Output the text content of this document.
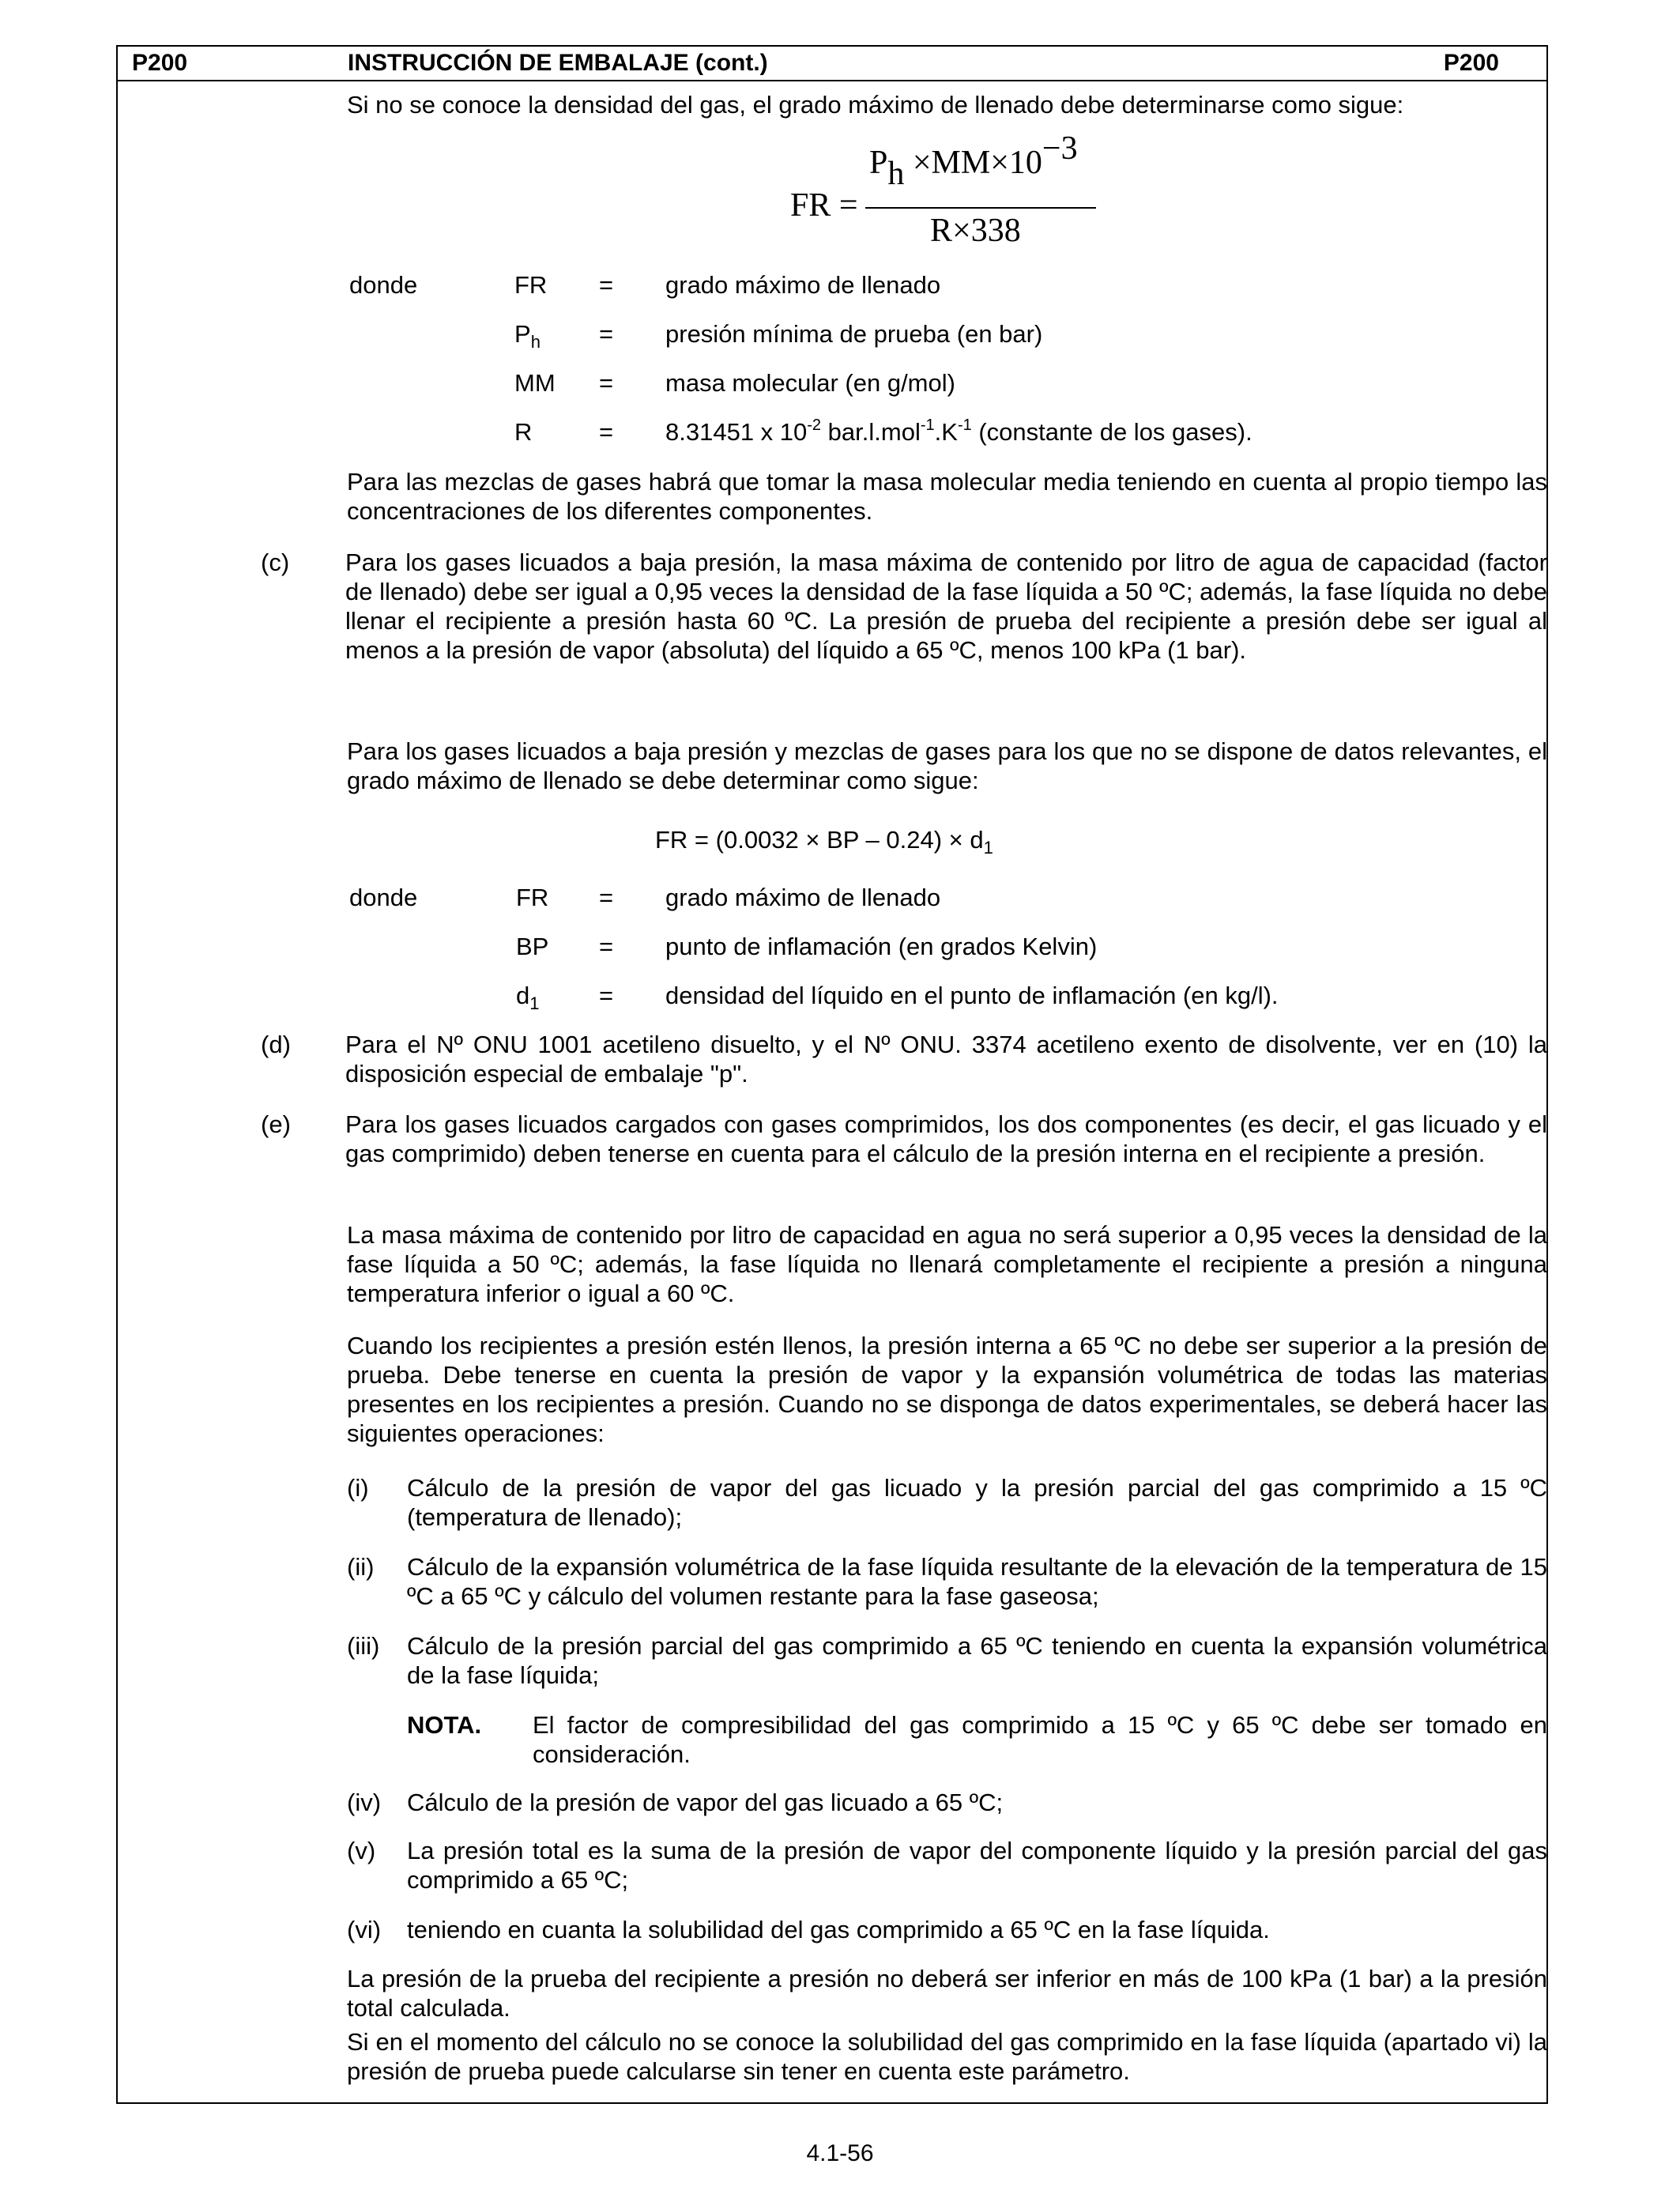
P200	INSTRUCCIÓN DE EMBALAJE (cont.)	P200
Si no se conoce la densidad del gas, el grado máximo de llenado debe determinarse como sigue:
FR =
Ph ×MM×10−3
R×338
donde	FR = grado máximo de llenado
$P_h$ = presión mínima de prueba (en bar)
MM = masa molecular (en g/mol)
R	= 8.31451 x $10^{-2}$ $bar.l.mol^{-1}.K^{-1}$ (constante de los gases).
Para las mezclas de gases habrá que tomar la masa molecular media teniendo en cuenta al propio tiempo las concentraciones de los diferentes componentes.
(c) Para los gases licuados a baja presión, la masa máxima de contenido por litro de agua de capacidad (factor de llenado) debe ser igual a 0,95 veces la densidad de la fase líquida a 50 ºC; además, la fase líquida no debe llenar el recipiente a presión hasta 60 ºC. La presión de prueba del recipiente a presión debe ser igual al menos a la presión de vapor (absoluta) del líquido a 65 ºC, menos 100 kPa (1 bar).
Para los gases licuados a baja presión y mezclas de gases para los que no se dispone de datos relevantes, el grado máximo de llenado se debe determinar como sigue:
FR = (0.0032 × BP – $0.24) \times d_1$
donde	FR = grado máximo de llenado
BP = punto de inflamación (en grados Kelvin)
$d_1$ = densidad del líquido en el punto de inflamación (en kg/l).
(d) Para el Nº ONU 1001 acetileno disuelto, y el Nº ONU. 3374 acetileno exento de disolvente, ver en (10) la disposición especial de embalaje "p".
(e) Para los gases licuados cargados con gases comprimidos, los dos componentes (es decir, el gas licuado y el gas comprimido) deben tenerse en cuenta para el cálculo de la presión interna en el recipiente a presión.
La masa máxima de contenido por litro de capacidad en agua no será superior a 0,95 veces la densidad de la fase líquida a 50 ºC; además, la fase líquida no llenará completamente el recipiente a presión a ninguna temperatura inferior o igual a 60 ºC.
Cuando los recipientes a presión estén llenos, la presión interna a 65 ºC no debe ser superior a la presión de prueba. Debe tenerse en cuenta la presión de vapor y la expansión volumétrica de todas las materias presentes en los recipientes a presión. Cuando no se disponga de datos experimentales, se deberá hacer las siguientes operaciones:
(i) Cálculo de la presión de vapor del gas licuado y la presión parcial del gas comprimido a 15 ºC (temperatura de llenado);
(ii) Cálculo de la expansión volumétrica de la fase líquida resultante de la elevación de la temperatura de 15 ºC a 65 ºC y cálculo del volumen restante para la fase gaseosa;
(iii) Cálculo de la presión parcial del gas comprimido a 65 ºC teniendo en cuenta la expansión volumétrica de la fase líquida;
NOTA. El factor de compresibilidad del gas comprimido a 15 ºC y 65 ºC debe ser tomado en consideración.
(iv) Cálculo de la presión de vapor del gas licuado a 65 ºC;
(v) La presión total es la suma de la presión de vapor del componente líquido y la presión parcial del gas comprimido a 65 ºC;
(vi) teniendo en cuanta la solubilidad del gas comprimido a 65 ºC en la fase líquida.
La presión de la prueba del recipiente a presión no deberá ser inferior en más de 100 kPa (1 bar) a la presión total calculada.
Si en el momento del cálculo no se conoce la solubilidad del gas comprimido en la fase líquida (apartado vi) la presión de prueba puede calcularse sin tener en cuenta este parámetro.
4.1-56
